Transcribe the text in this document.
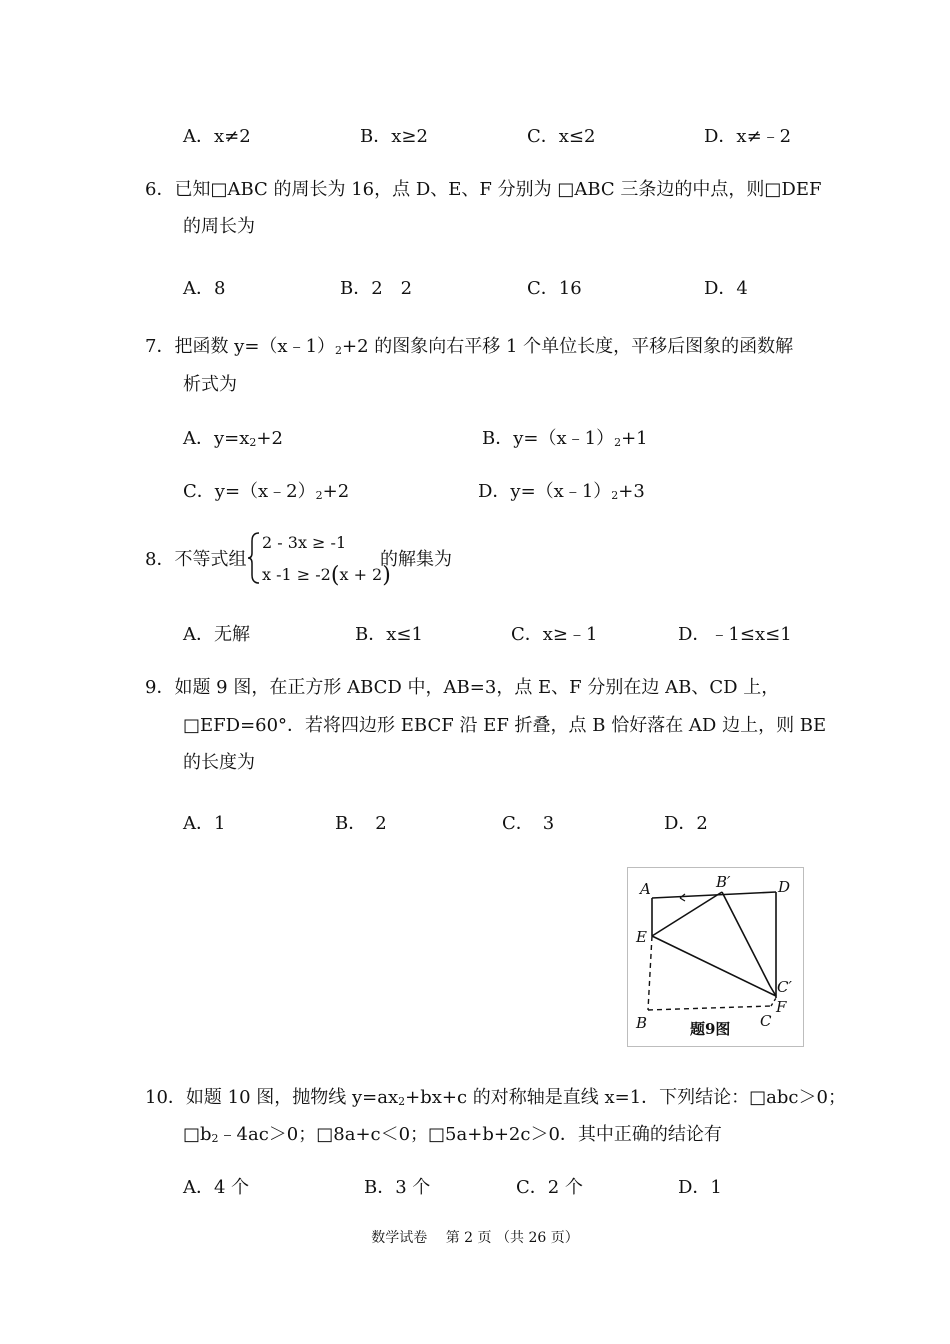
A．x≠2	B．x≥2	C．x≤2	D．x≠﹣2
6．已知□ABC 的周长为 16，点 D、E、F 分别为 □ABC 三条边的中点，则□DEF
的周长为
A．8	B．2　2	C．16	D．4
7．把函数 y=（x﹣1）2+2 的图象向右平移 1 个单位长度，平移后图象的函数解
析式为
A．y=x2+2	B．y=（x﹣1）2+1
C．y=（x﹣2）2+2	D．y=（x﹣1）2+3
8．不等式组
2 - 3x ≥ -1
x -1 ≥ -2(x + 2)
的解集为
A．无解	B．x≤1	C．x≥﹣1	D．﹣1≤x≤1
9．如题 9 图，在正方形 ABCD 中，AB=3，点 E、F 分别在边 AB、CD 上，
□EFD=60°．若将四边形 EBCF 沿 EF 折叠，点 B 恰好落在 AD 边上，则 BE
的长度为
A．1	B．　2	C．　3	D．2
A	B′	D
E
C′
F
B	C
题9图
10．如题 10 图，抛物线 y=ax2+bx+c 的对称轴是直线 x=1．下列结论：□abc＞0；
□b2﹣4ac＞0；□8a+c＜0；□5a+b+2c＞0．其中正确的结论有
A．4 个	B．3 个	C．2 个	D．1
数学试卷　 第 2 页 （共 26 页）
